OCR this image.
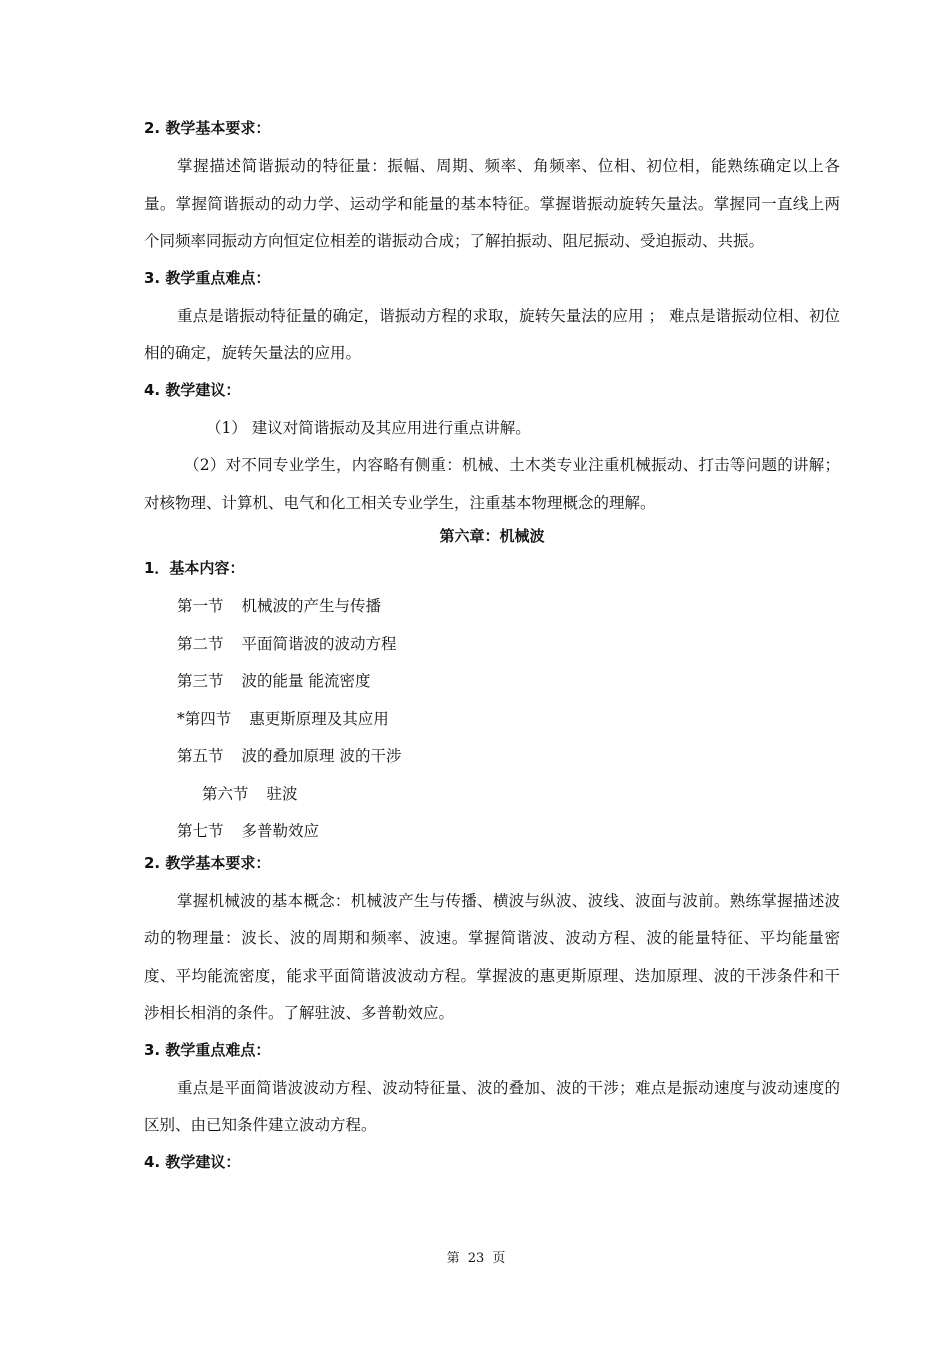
2. 教学基本要求：

掌握描述简谐振动的特征量：振幅、周期、频率、角频率、位相、初位相，能熟练确定以上各量。掌握简谐振动的动力学、运动学和能量的基本特征。掌握谐振动旋转矢量法。掌握同一直线上两个同频率同振动方向恒定位相差的谐振动合成；了解拍振动、阻尼振动、受迫振动、共振。

3. 教学重点难点：

重点是谐振动特征量的确定，谐振动方程的求取，旋转矢量法的应用 ； 难点是谐振动位相、初位相的确定，旋转矢量法的应用。

4. 教学建议：

（1） 建议对简谐振动及其应用进行重点讲解。

（2）对不同专业学生，内容略有侧重：机械、土木类专业注重机械振动、打击等问题的讲解；对核物理、计算机、电气和化工相关专业学生，注重基本物理概念的理解。

第六章：机械波

1．基本内容：

第一节 机械波的产生与传播
第二节 平面简谐波的波动方程
第三节 波的能量 能流密度
*第四节 惠更斯原理及其应用
第五节 波的叠加原理 波的干涉
第六节 驻波
第七节 多普勒效应

2. 教学基本要求：

掌握机械波的基本概念：机械波产生与传播、横波与纵波、波线、波面与波前。熟练掌握描述波动的物理量：波长、波的周期和频率、波速。掌握简谐波、波动方程、波的能量特征、平均能量密度、平均能流密度，能求平面简谐波波动方程。掌握波的惠更斯原理、迭加原理、波的干涉条件和干涉相长相消的条件。了解驻波、多普勒效应。

3. 教学重点难点：

重点是平面简谐波波动方程、波动特征量、波的叠加、波的干涉；难点是振动速度与波动速度的区别、由已知条件建立波动方程。

4. 教学建议：

第 23 页
